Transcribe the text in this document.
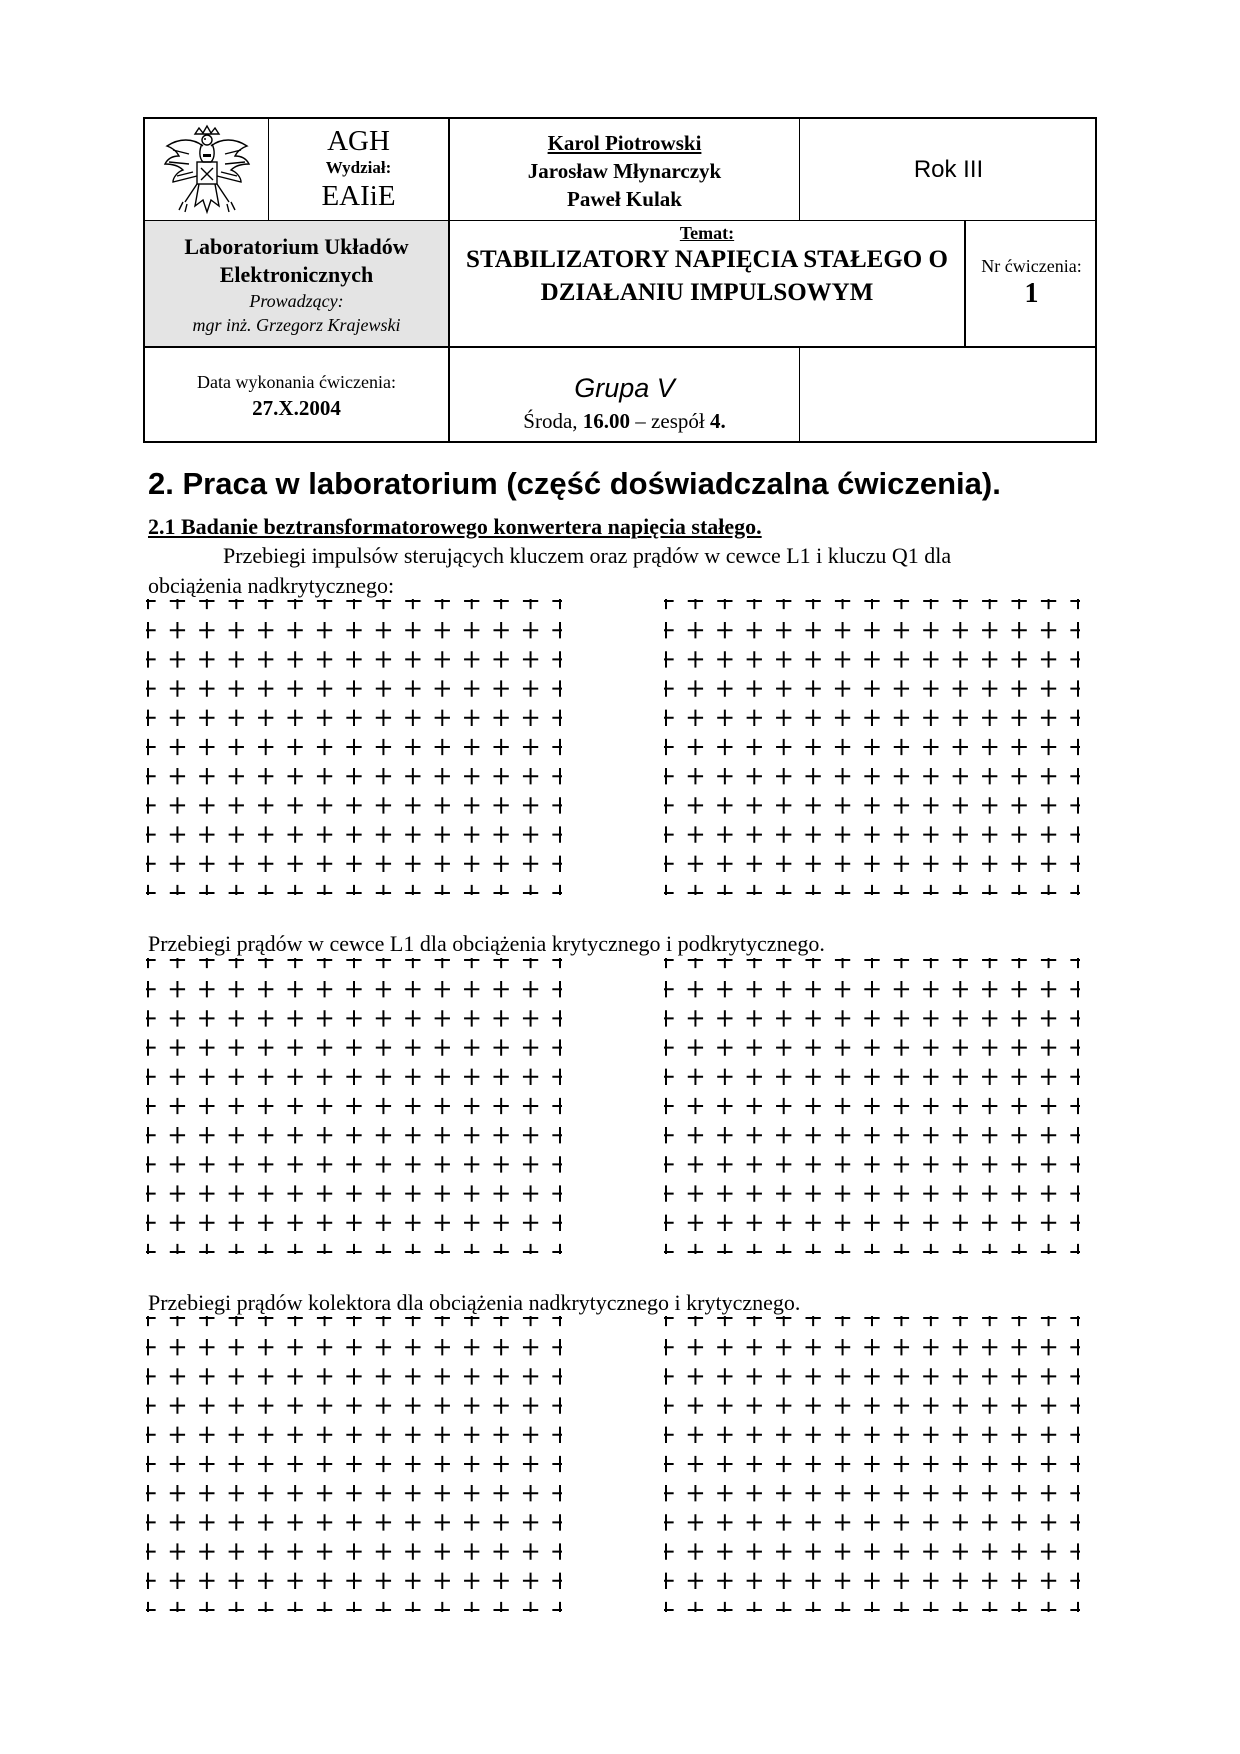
AGH
Wydział:
EAIiE
Karol Piotrowski
Jarosław Młynarczyk
Paweł Kulak
Rok III
Laboratorium Układów Elektronicznych
Prowadzący:
mgr inż. Grzegorz Krajewski
Temat:
STABILIZATORY NAPIĘCIA STAŁEGO O DZIAŁANIU IMPULSOWYM
Nr ćwiczenia:
1
Data wykonania ćwiczenia:
27.X.2004
Grupa V
Środa, 16.00 – zespół 4.
2. Praca w laboratorium (część doświadczalna ćwiczenia).
2.1 Badanie beztransformatorowego konwertera napięcia stałego.

Przebiegi impulsów sterujących kluczem oraz prądów w cewce L1 i kluczu Q1 dla

obciążenia nadkrytycznego:

Przebiegi prądów w cewce L1 dla obciążenia krytycznego i podkrytycznego.

Przebiegi prądów kolektora dla obciążenia nadkrytycznego i krytycznego.
